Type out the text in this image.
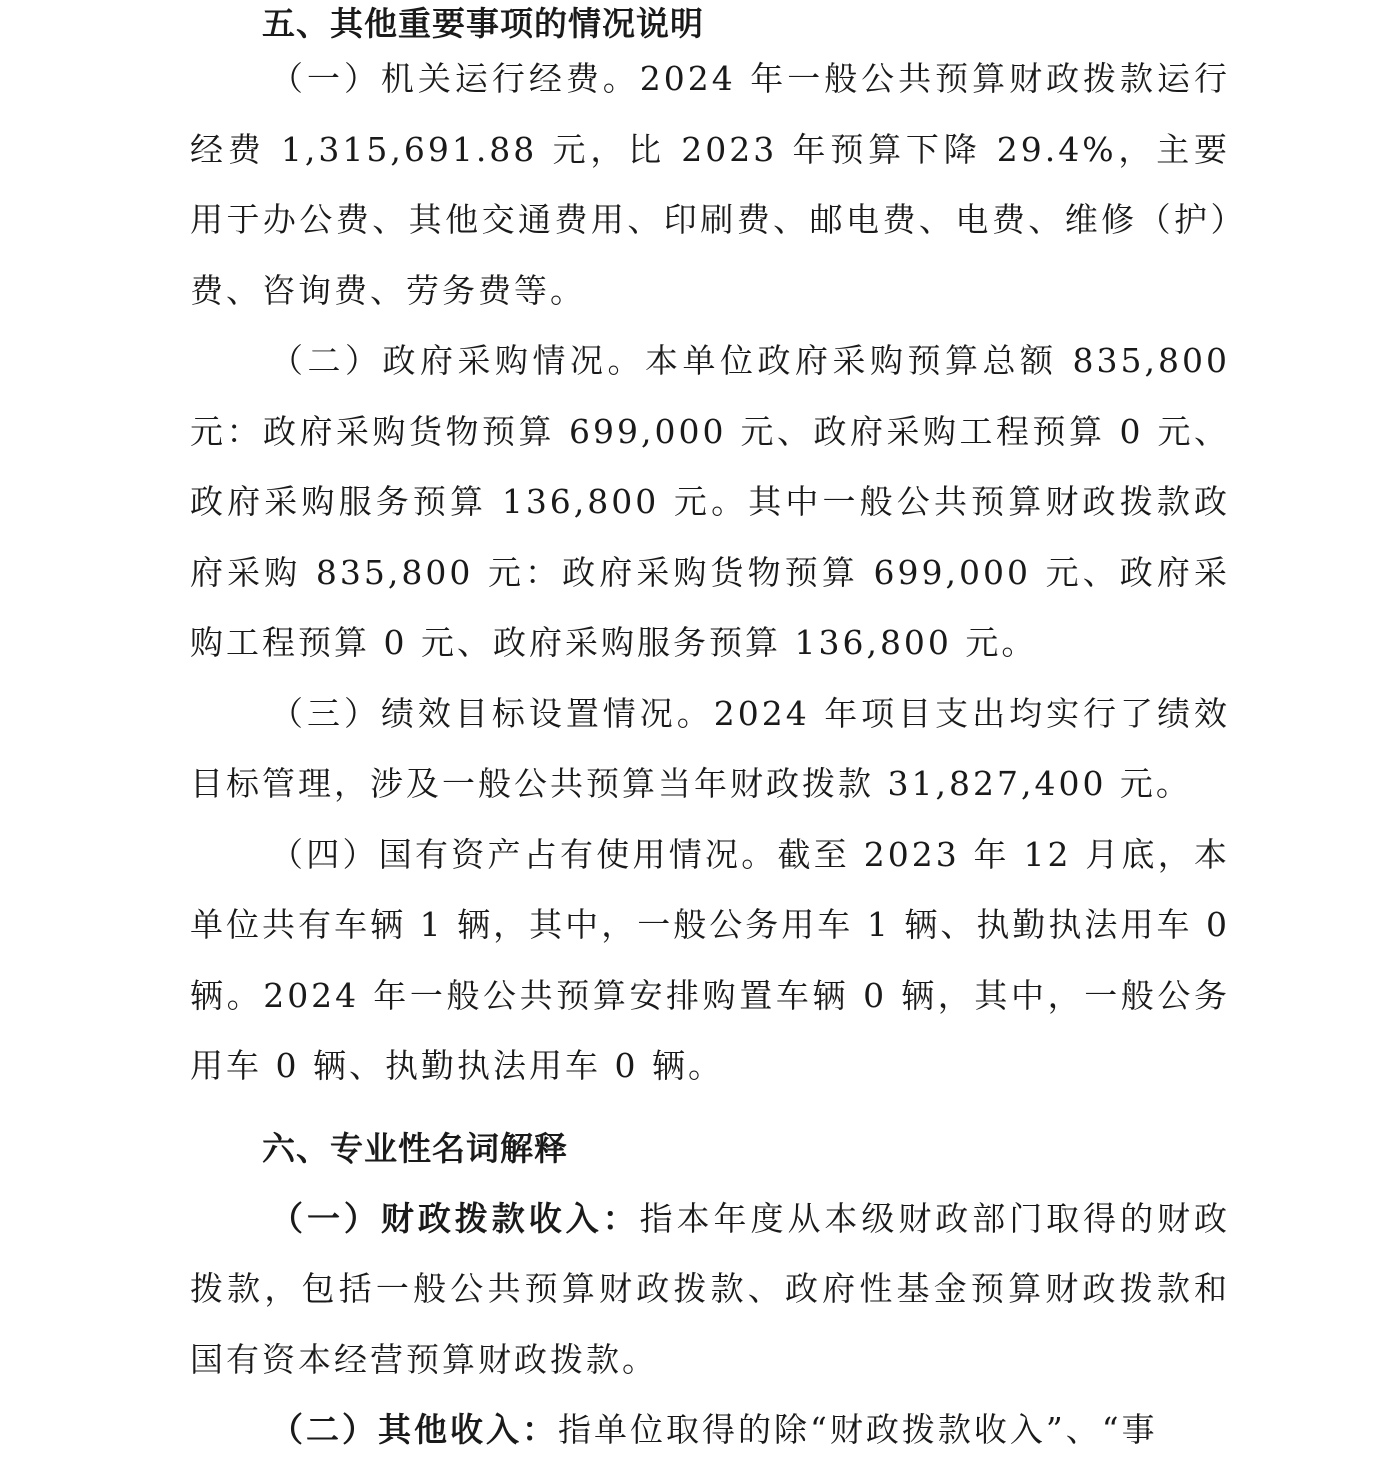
五、其他重要事项的情况说明

（一）机关运行经费。2024 年一般公共预算财政拨款运行经费 1,315,691.88 元，比 2023 年预算下降 29.4%，主要用于办公费、其他交通费用、印刷费、邮电费、电费、维修（护）费、咨询费、劳务费等。

（二）政府采购情况。本单位政府采购预算总额 835,800 元：政府采购货物预算 699,000 元、政府采购工程预算 0 元、政府采购服务预算 136,800 元。其中一般公共预算财政拨款政府采购 835,800 元：政府采购货物预算 699,000 元、政府采购工程预算 0 元、政府采购服务预算 136,800 元。

（三）绩效目标设置情况。2024 年项目支出均实行了绩效目标管理，涉及一般公共预算当年财政拨款 31,827,400 元。

（四）国有资产占有使用情况。截至 2023 年 12 月底，本单位共有车辆 1 辆，其中，一般公务用车 1 辆、执勤执法用车 0 辆。2024 年一般公共预算安排购置车辆 0 辆，其中，一般公务用车 0 辆、执勤执法用车 0 辆。

六、专业性名词解释

（一）财政拨款收入：指本年度从本级财政部门取得的财政拨款，包括一般公共预算财政拨款、政府性基金预算财政拨款和国有资本经营预算财政拨款。

（二）其他收入：指单位取得的除“财政拨款收入”、“事
